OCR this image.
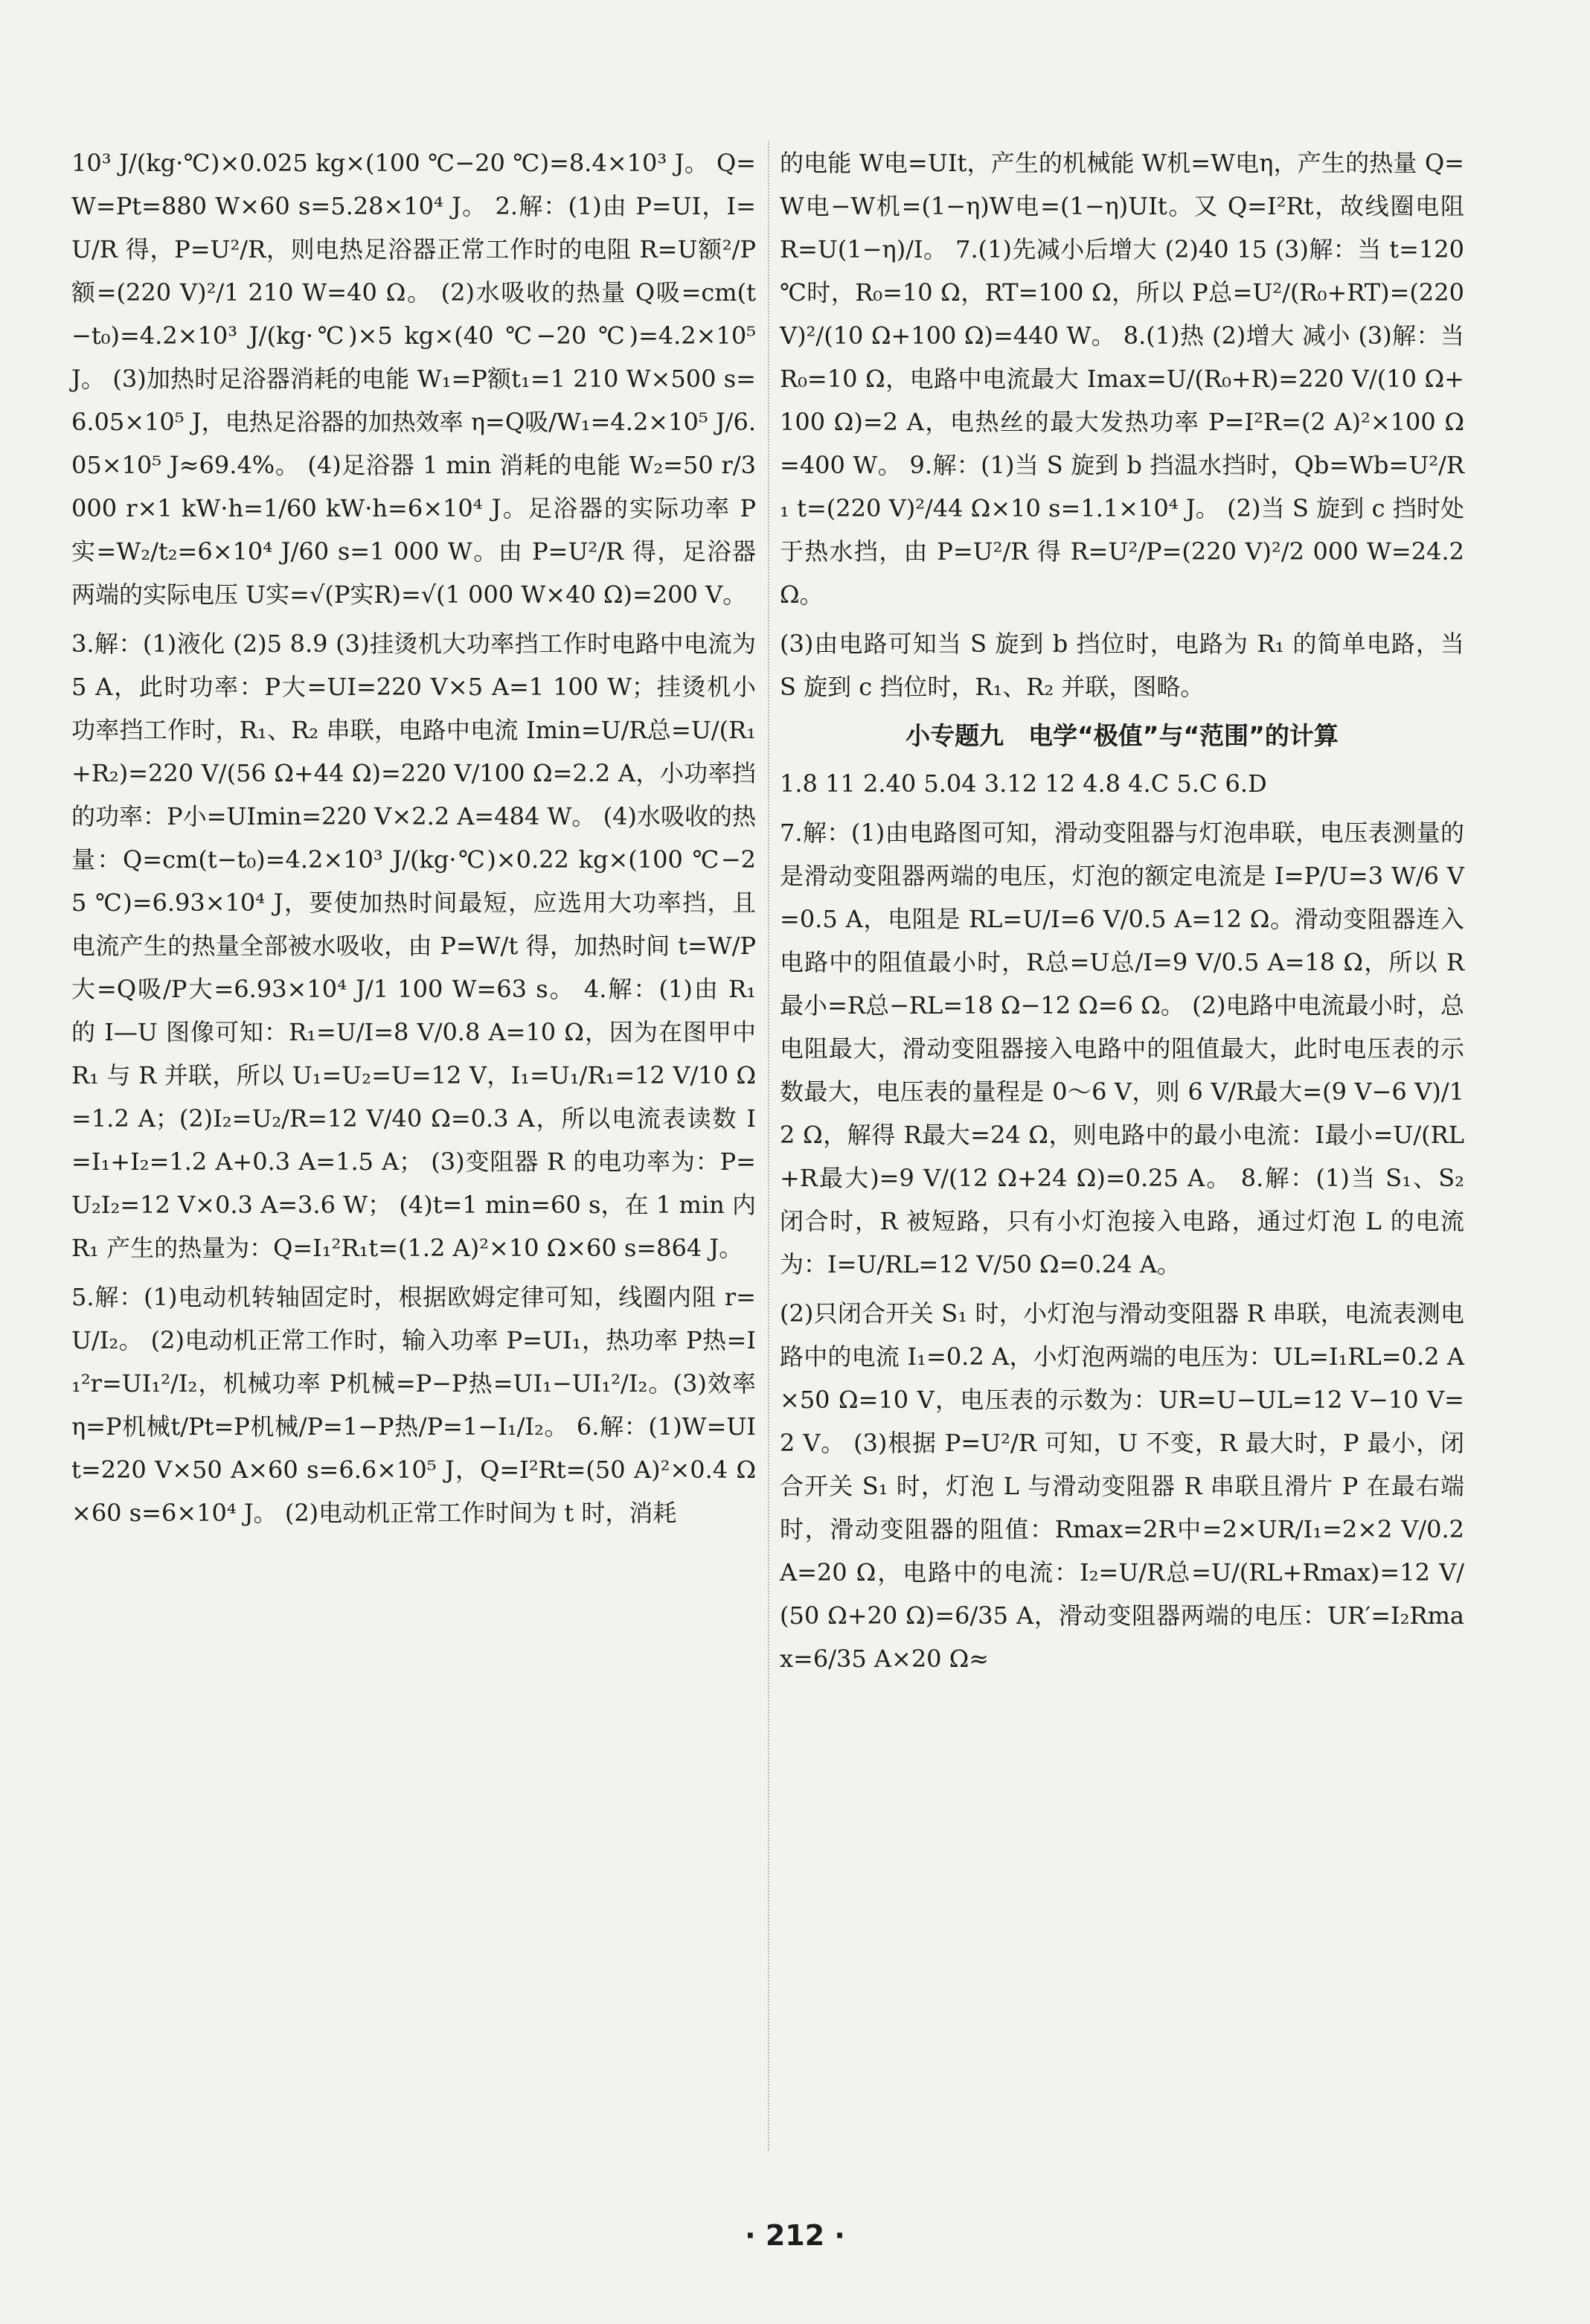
10³ J/(kg·℃)×0.025 kg×(100 ℃−20 ℃)=8.4×10³ J。 Q=W=Pt=880 W×60 s=5.28×10⁴ J。 2.解：(1)由 P=UI，I=U/R 得，P=U²/R，则电热足浴器正常工作时的电阻 R=U额²/P额=(220 V)²/1 210 W=40 Ω。 (2)水吸收的热量 Q吸=cm(t−t₀)=4.2×10³ J/(kg·℃)×5 kg×(40 ℃−20 ℃)=4.2×10⁵ J。 (3)加热时足浴器消耗的电能 W₁=P额t₁=1 210 W×500 s=6.05×10⁵ J，电热足浴器的加热效率 η=Q吸/W₁=4.2×10⁵ J/6.05×10⁵ J≈69.4%。 (4)足浴器 1 min 消耗的电能 W₂=50 r/3 000 r×1 kW·h=1/60 kW·h=6×10⁴ J。足浴器的实际功率 P实=W₂/t₂=6×10⁴ J/60 s=1 000 W。由 P=U²/R 得，足浴器两端的实际电压 U实=√(P实R)=√(1 000 W×40 Ω)=200 V。

3.解：(1)液化 (2)5 8.9 (3)挂烫机大功率挡工作时电路中电流为5 A，此时功率：P大=UI=220 V×5 A=1 100 W；挂烫机小功率挡工作时，R₁、R₂ 串联，电路中电流 Imin=U/R总=U/(R₁+R₂)=220 V/(56 Ω+44 Ω)=220 V/100 Ω=2.2 A，小功率挡的功率：P小=UImin=220 V×2.2 A=484 W。 (4)水吸收的热量：Q=cm(t−t₀)=4.2×10³ J/(kg·℃)×0.22 kg×(100 ℃−25 ℃)=6.93×10⁴ J，要使加热时间最短，应选用大功率挡，且电流产生的热量全部被水吸收，由 P=W/t 得，加热时间 t=W/P大=Q吸/P大=6.93×10⁴ J/1 100 W=63 s。 4.解：(1)由 R₁ 的 I—U 图像可知：R₁=U/I=8 V/0.8 A=10 Ω，因为在图甲中 R₁ 与 R 并联，所以 U₁=U₂=U=12 V，I₁=U₁/R₁=12 V/10 Ω=1.2 A；(2)I₂=U₂/R=12 V/40 Ω=0.3 A，所以电流表读数 I=I₁+I₂=1.2 A+0.3 A=1.5 A； (3)变阻器 R 的电功率为：P=U₂I₂=12 V×0.3 A=3.6 W； (4)t=1 min=60 s，在 1 min 内 R₁ 产生的热量为：Q=I₁²R₁t=(1.2 A)²×10 Ω×60 s=864 J。

5.解：(1)电动机转轴固定时，根据欧姆定律可知，线圈内阻 r=U/I₂。 (2)电动机正常工作时，输入功率 P=UI₁，热功率 P热=I₁²r=UI₁²/I₂，机械功率 P机械=P−P热=UI₁−UI₁²/I₂。(3)效率 η=P机械t/Pt=P机械/P=1−P热/P=1−I₁/I₂。 6.解：(1)W=UIt=220 V×50 A×60 s=6.6×10⁵ J，Q=I²Rt=(50 A)²×0.4 Ω×60 s=6×10⁴ J。 (2)电动机正常工作时间为 t 时，消耗

的电能 W电=UIt，产生的机械能 W机=W电η，产生的热量 Q=W电−W机=(1−η)W电=(1−η)UIt。又 Q=I²Rt，故线圈电阻 R=U(1−η)/I。 7.(1)先减小后增大 (2)40 15 (3)解：当 t=120 ℃时，R₀=10 Ω，RT=100 Ω，所以 P总=U²/(R₀+RT)=(220 V)²/(10 Ω+100 Ω)=440 W。 8.(1)热 (2)增大 减小 (3)解：当 R₀=10 Ω，电路中电流最大 Imax=U/(R₀+R)=220 V/(10 Ω+100 Ω)=2 A，电热丝的最大发热功率 P=I²R=(2 A)²×100 Ω=400 W。 9.解：(1)当 S 旋到 b 挡温水挡时，Qb=Wb=U²/R₁ t=(220 V)²/44 Ω×10 s=1.1×10⁴ J。 (2)当 S 旋到 c 挡时处于热水挡，由 P=U²/R 得 R=U²/P=(220 V)²/2 000 W=24.2 Ω。

(3)由电路可知当 S 旋到 b 挡位时，电路为 R₁ 的简单电路，当 S 旋到 c 挡位时，R₁、R₂ 并联，图略。

小专题九　电学“极值”与“范围”的计算

1.8 11 2.40 5.04 3.12 12 4.8 4.C 5.C 6.D

7.解：(1)由电路图可知，滑动变阻器与灯泡串联，电压表测量的是滑动变阻器两端的电压，灯泡的额定电流是 I=P/U=3 W/6 V=0.5 A，电阻是 RL=U/I=6 V/0.5 A=12 Ω。滑动变阻器连入电路中的阻值最小时，R总=U总/I=9 V/0.5 A=18 Ω，所以 R最小=R总−RL=18 Ω−12 Ω=6 Ω。 (2)电路中电流最小时，总电阻最大，滑动变阻器接入电路中的阻值最大，此时电压表的示数最大，电压表的量程是 0～6 V，则 6 V/R最大=(9 V−6 V)/12 Ω，解得 R最大=24 Ω，则电路中的最小电流：I最小=U/(RL+R最大)=9 V/(12 Ω+24 Ω)=0.25 A。 8.解：(1)当 S₁、S₂ 闭合时，R 被短路，只有小灯泡接入电路，通过灯泡 L 的电流为：I=U/RL=12 V/50 Ω=0.24 A。

(2)只闭合开关 S₁ 时，小灯泡与滑动变阻器 R 串联，电流表测电路中的电流 I₁=0.2 A，小灯泡两端的电压为：UL=I₁RL=0.2 A×50 Ω=10 V，电压表的示数为：UR=U−UL=12 V−10 V=2 V。 (3)根据 P=U²/R 可知，U 不变，R 最大时，P 最小，闭合开关 S₁ 时，灯泡 L 与滑动变阻器 R 串联且滑片 P 在最右端时，滑动变阻器的阻值：Rmax=2R中=2×UR/I₁=2×2 V/0.2 A=20 Ω，电路中的电流：I₂=U/R总=U/(RL+Rmax)=12 V/(50 Ω+20 Ω)=6/35 A，滑动变阻器两端的电压：UR′=I₂Rmax=6/35 A×20 Ω≈

· 212 ·
